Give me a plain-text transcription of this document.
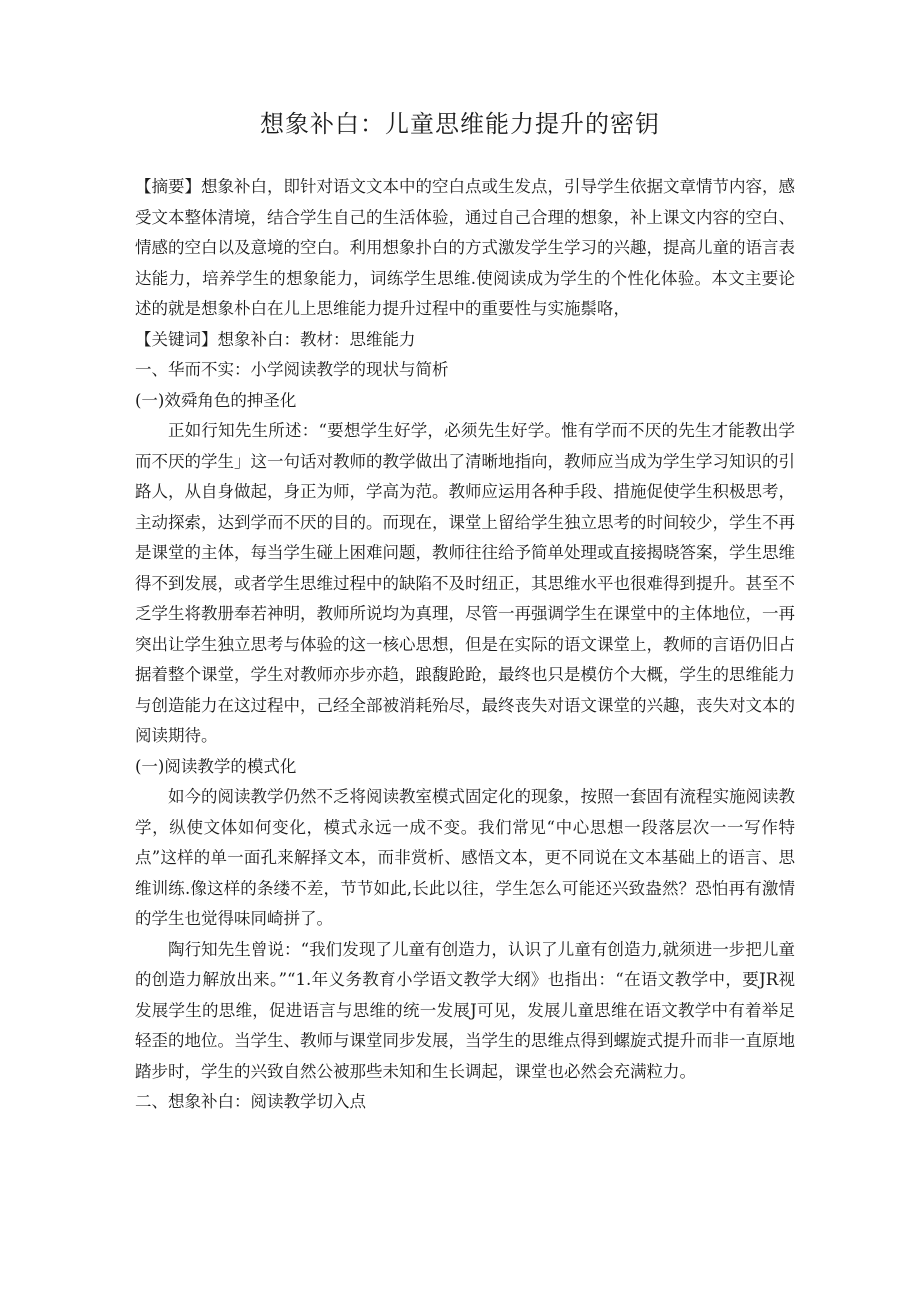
想象补白：儿童思维能力提升的密钥

【摘要】想象补白，即针对语文文本中的空白点或生发点，引导学生依据文章情节内容，感受文本整体清境，结合学生自己的生活体验，通过自己合理的想象，补上课文内容的空白、情感的空白以及意境的空白。利用想象扑白的方式激发学生学习的兴趣，提高儿童的语言表达能力，培养学生的想象能力，词练学生思维.使阅读成为学生的个性化体验。本文主要论述的就是想象朴白在儿上思维能力提升过程中的重要性与实施鬃咯，

【关键词】想象补白：教材：思维能力

一、华而不实：小学阅读教学的现状与简析

(一)效舜角色的抻圣化

正如行知先生所述：“要想学生好学，必须先生好学。惟有学而不厌的先生才能教出学而不厌的学生」这一句话对教师的教学做出了清晰地指向，教师应当成为学生学习知识的引路人，从自身做起，身正为师，学高为范。教师应运用各种手段、措施促使学生积极思考，主动探索，达到学而不厌的目的。而现在，课堂上留给学生独立思考的时间较少，学生不再是课堂的主体，每当学生碰上困难问题，教师往往给予简单处理或直接揭晓答案，学生思维得不到发展，或者学生思维过程中的缺陷不及时纽正，其思维水平也很难得到提升。甚至不乏学生将教册奉若神明，教师所说均为真理，尽管一再强调学生在课堂中的主体地位，一再突出让学生独立思考与体验的这一核心思想，但是在实际的语文课堂上，教师的言语仍旧占据着整个课堂，学生对教师亦步亦趋，踉馥跄跄，最终也只是模仿个大概，学生的思维能力与创造能力在这过程中，己经全部被消耗殆尽，最终丧失对语文课堂的兴趣，丧失对文本的阅读期待。

(一)阅读教学的模式化

如今的阅读教学仍然不乏将阅读教室模式固定化的现象，按照一套固有流程实施阅读教学，纵使文体如何变化，模式永远一成不变。我们常见“中心思想一段落层次一一写作特点”这样的单一面孔来解择文本，而非赏析、感悟文本，更不同说在文本基础上的语言、思维训练.像这样的条缕不差，节节如此,长此以往，学生怎么可能还兴致盎然？恐怕再有激情的学生也觉得味同崎拼了。

陶行知先生曾说：“我们发现了儿童有创造力，认识了儿童有创造力,就须进一步把儿童的创造力解放出来。”“1.年义务教育小学语文教学大纲》也指出：“在语文教学中，要JR视发展学生的思维，促进语言与思维的统一发展J可见，发展儿童思维在语文教学中有着举足轻歪的地位。当学生、教师与课堂同步发展，当学生的思维点得到螺旋式提升而非一直原地踏步时，学生的兴致自然公被那些未知和生长调起，课堂也必然会充满粒力。

二、想象补白：阅读教学切入点
